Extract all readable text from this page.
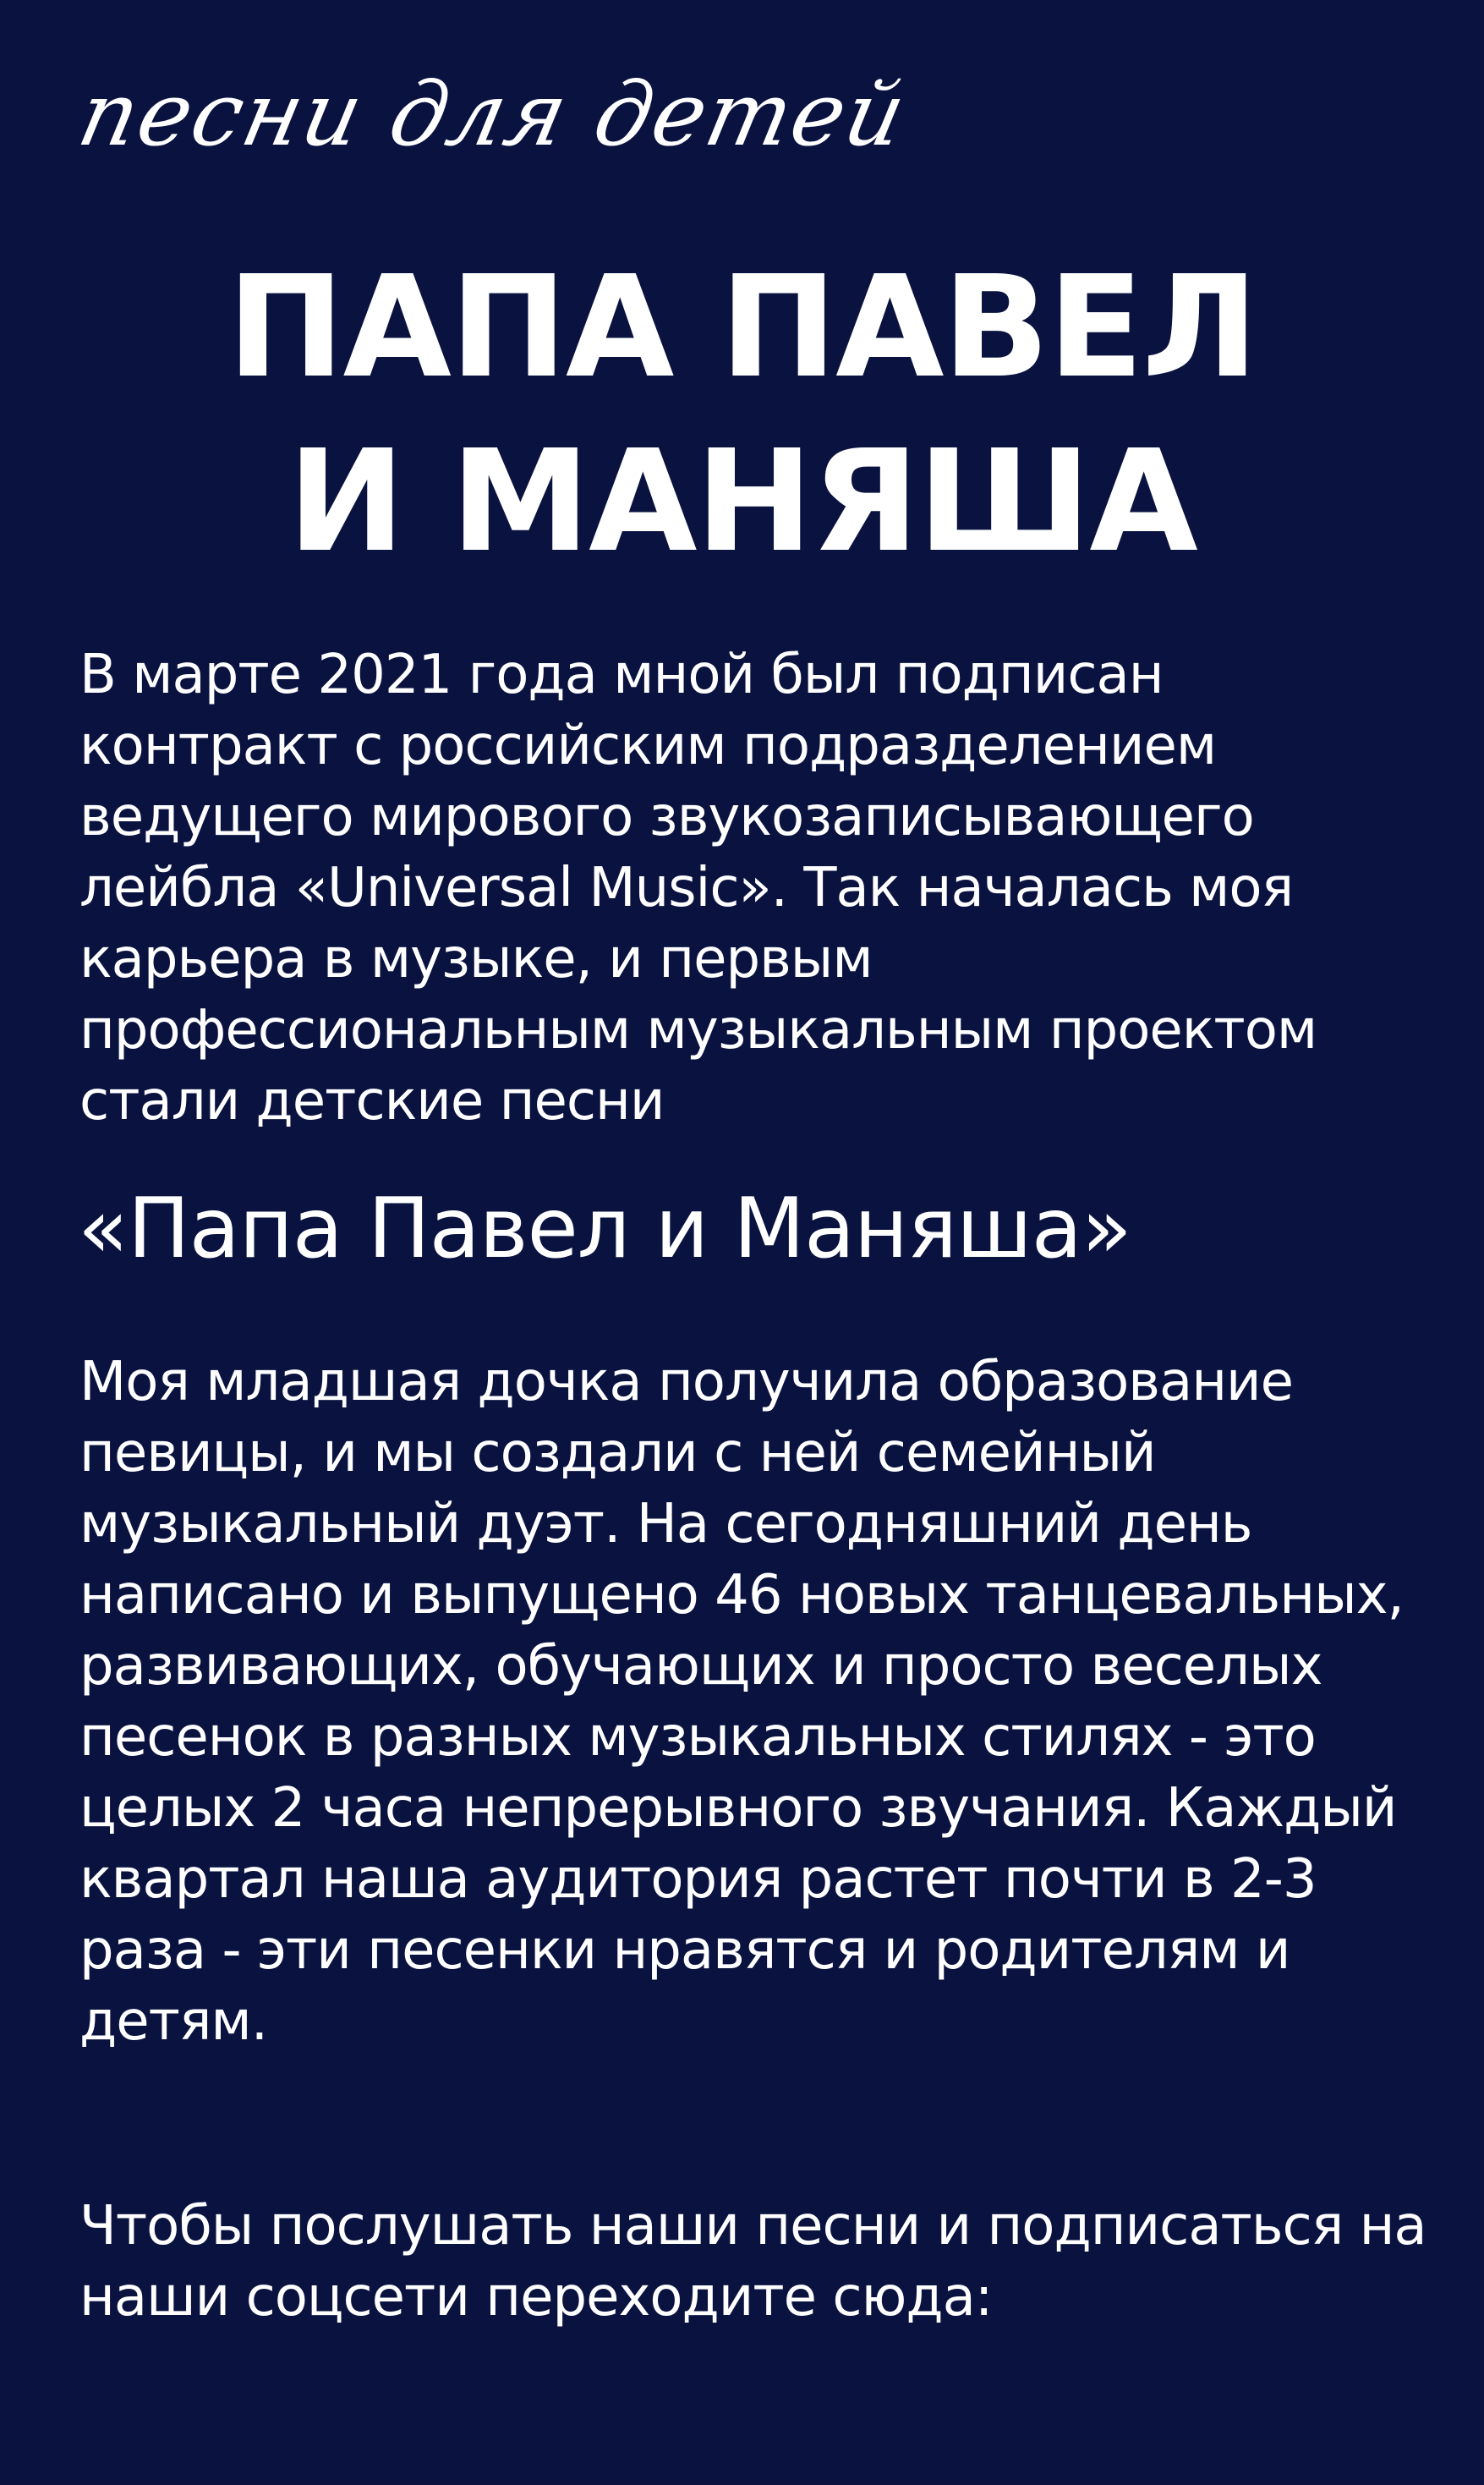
песни для детей
ПАПА ПАВЕЛ
И МАНЯША
В марте 2021 года мной был подписан контракт с российским подразделением ведущего мирового звукозаписывающего лейбла «Universal Music». Так началась моя карьера в музыке, и первым профессиональным музыкальным проектом стали детские песни
«Папа Павел и Маняша»
Моя младшая дочка получила образование певицы, и мы создали с ней семейный музыкальный дуэт. На сегодняшний день написано и выпущено 46 новых танцевальных, развивающих, обучающих и просто веселых песенок в разных музыкальных стилях - это целых 2 часа непрерывного звучания. Каждый квартал наша аудитория растет почти в 2-3 раза - эти песенки нравятся и родителям и детям.
Чтобы послушать наши песни и подписаться на наши соцсети переходите сюда:
